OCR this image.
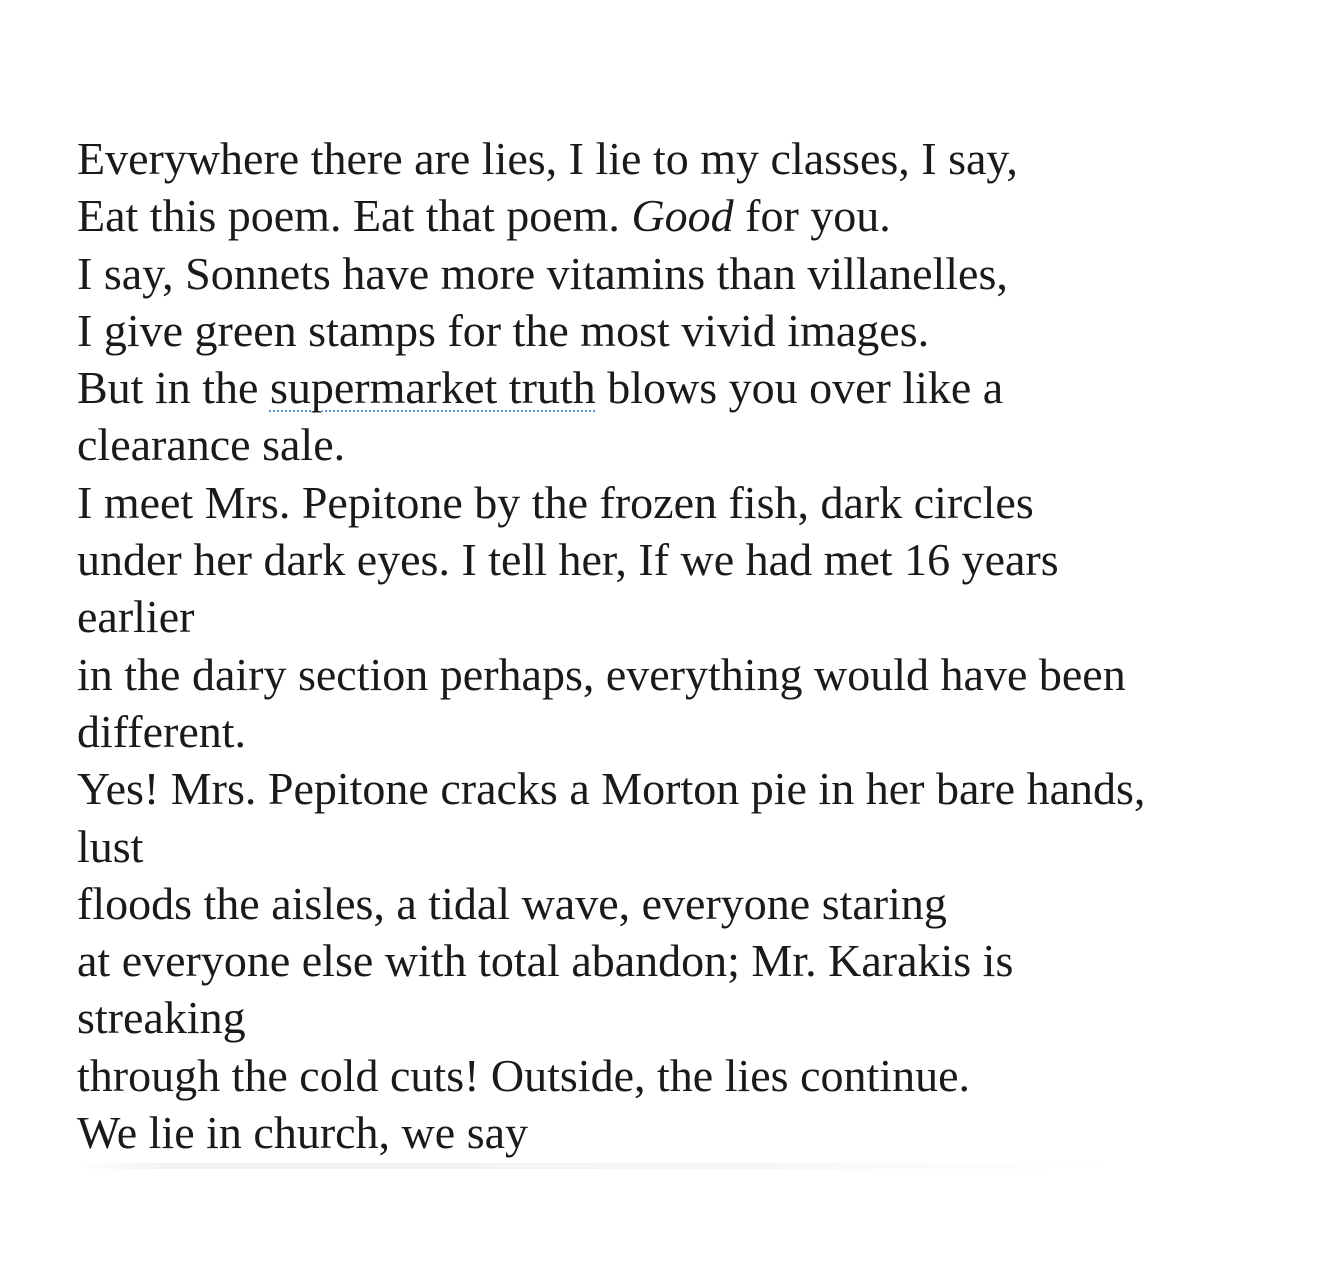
Everywhere there are lies, I lie to my classes, I say,
Eat this poem. Eat that poem. Good for you.
I say, Sonnets have more vitamins than villanelles,
I give green stamps for the most vivid images.
But in the supermarket truth blows you over like a
clearance sale.
I meet Mrs. Pepitone by the frozen fish, dark circles
under her dark eyes. I tell her, If we had met 16 years
earlier
in the dairy section perhaps, everything would have been
different.
Yes! Mrs. Pepitone cracks a Morton pie in her bare hands,
lust
floods the aisles, a tidal wave, everyone staring
at everyone else with total abandon; Mr. Karakis is
streaking
through the cold cuts! Outside, the lies continue.
We lie in church, we say
